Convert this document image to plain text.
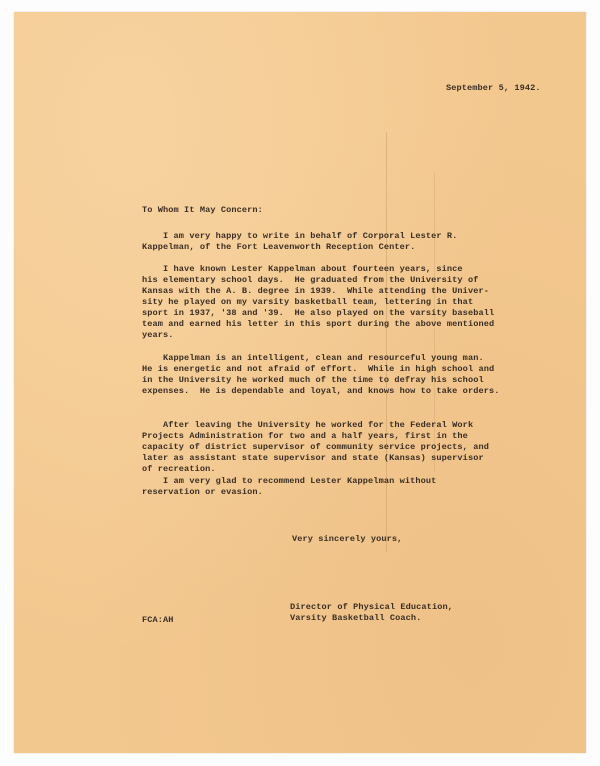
September 5, 1942.

To Whom It May Concern:

I am very happy to write in behalf of Corporal Lester R.
Kappelman, of the Fort Leavenworth Reception Center.

I have known Lester Kappelman about fourteen years, since
his elementary school days.  He graduated from the University of
Kansas with the A. B. degree in 1939.  While attending the Univer-
sity he played on my varsity basketball team, lettering in that
sport in 1937, '38 and '39.  He also played on the varsity baseball
team and earned his letter in this sport during the above mentioned
years.

Kappelman is an intelligent, clean and resourceful young man.
He is energetic and not afraid of effort.  While in high school and
in the University he worked much of the time to defray his school
expenses.  He is dependable and loyal, and knows how to take orders.

After leaving the University he worked for the Federal Work
Projects Administration for two and a half years, first in the
capacity of district supervisor of community service projects, and
later as assistant state supervisor and state (Kansas) supervisor
of recreation.

I am very glad to recommend Lester Kappelman without
reservation or evasion.

Very sincerely yours,

Director of Physical Education,
Varsity Basketball Coach.

FCA:AH
